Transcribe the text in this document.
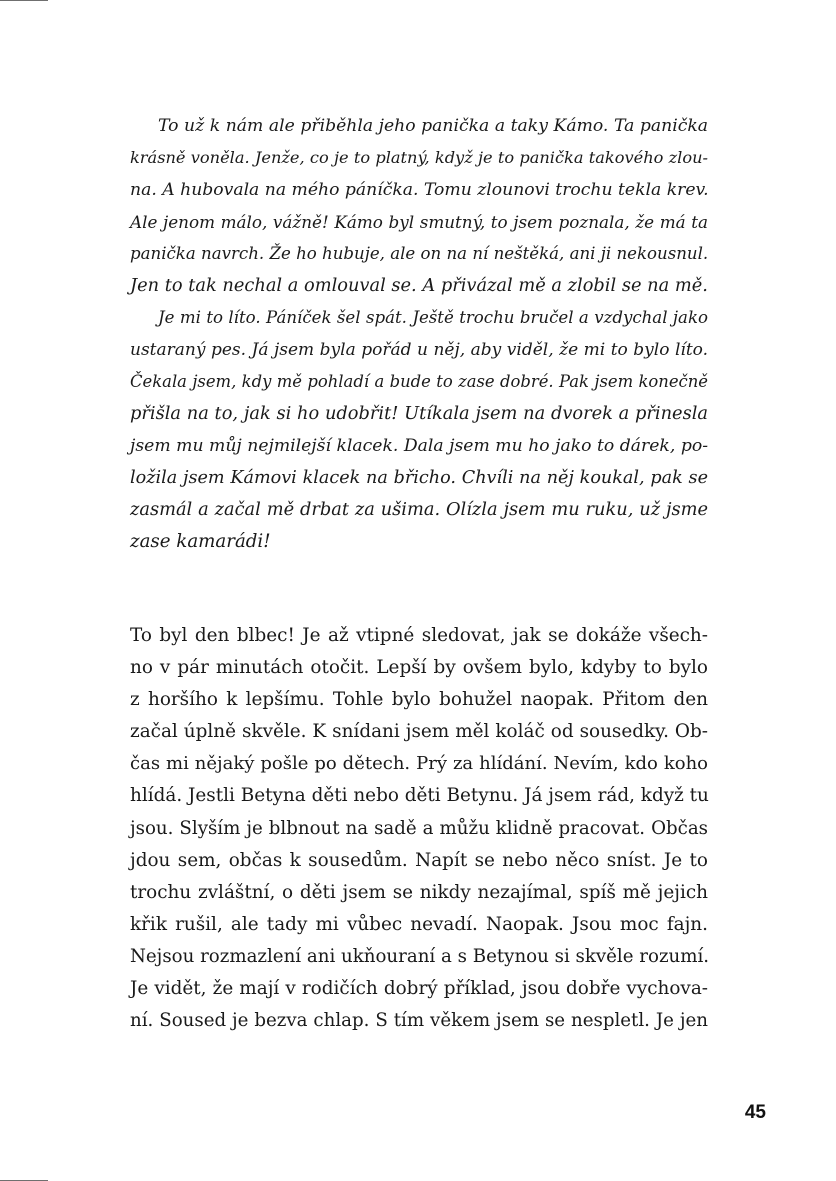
To už k nám ale přiběhla jeho panička a taky Kámo. Ta panička
krásně voněla. Jenže, co je to platný, když je to panička takového zlou-
na. A hubovala na mého páníčka. Tomu zlounovi trochu tekla krev.
Ale jenom málo, vážně! Kámo byl smutný, to jsem poznala, že má ta
panička navrch. Že ho hubuje, ale on na ní neštěká, ani ji nekousnul.
Jen to tak nechal a omlouval se. A přivázal mě a zlobil se na mě.
Je mi to líto. Páníček šel spát. Ještě trochu bručel a vzdychal jako
ustaraný pes. Já jsem byla pořád u něj, aby viděl, že mi to bylo líto.
Čekala jsem, kdy mě pohladí a bude to zase dobré. Pak jsem konečně
přišla na to, jak si ho udobřit! Utíkala jsem na dvorek a přinesla
jsem mu můj nejmilejší klacek. Dala jsem mu ho jako to dárek, po-
ložila jsem Kámovi klacek na břicho. Chvíli na něj koukal, pak se
zasmál a začal mě drbat za ušima. Olízla jsem mu ruku, už jsme
zase kamarádi!
To byl den blbec! Je až vtipné sledovat, jak se dokáže všech-
no v pár minutách otočit. Lepší by ovšem bylo, kdyby to bylo
z horšího k lepšímu. Tohle bylo bohužel naopak. Přitom den
začal úplně skvěle. K snídani jsem měl koláč od sousedky. Ob-
čas mi nějaký pošle po dětech. Prý za hlídání. Nevím, kdo koho
hlídá. Jestli Betyna děti nebo děti Betynu. Já jsem rád, když tu
jsou. Slyším je blbnout na sadě a můžu klidně pracovat. Občas
jdou sem, občas k sousedům. Napít se nebo něco sníst. Je to
trochu zvláštní, o děti jsem se nikdy nezajímal, spíš mě jejich
křik rušil, ale tady mi vůbec nevadí. Naopak. Jsou moc fajn.
Nejsou rozmazlení ani ukňouraní a s Betynou si skvěle rozumí.
Je vidět, že mají v rodičích dobrý příklad, jsou dobře vychova-
ní. Soused je bezva chlap. S tím věkem jsem se nespletl. Je jen
45
